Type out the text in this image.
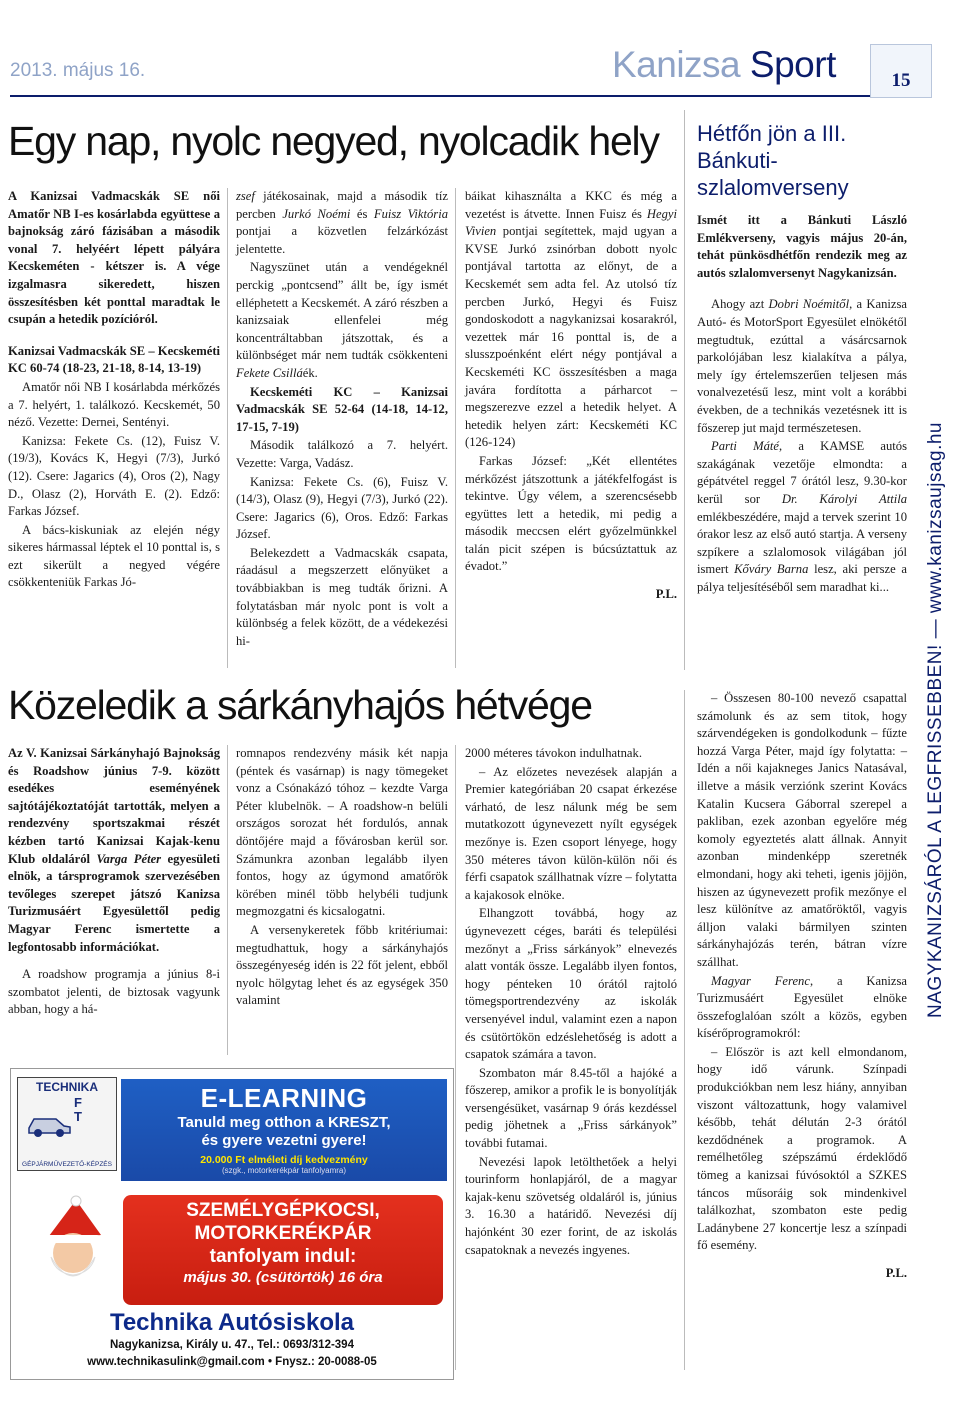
2013. május 16.	Kanizsa Sport	15
NAGYKANIZSÁRÓL A LEGFRISSEBBEN! — www.kanizsaujsag.hu
Egy nap, nyolc negyed, nyolcadik hely

A Kanizsai Vadmacskák SE női Amatőr NB I-es kosárlabda együttese a bajnokság záró fázisában a második vonal 7. helyéért lépett pályára Kecskeméten - kétszer is. A vége izgalmasra sikeredett, hiszen összesítésben két ponttal maradtak le csupán a hetedik pozícióról.

Kanizsai Vadmacskák SE – Kecskeméti KC 60-74 (18-23, 21-18, 8-14, 13-19)

Amatőr női NB I kosárlabda mérkőzés a 7. helyért, 1. találkozó. Kecskemét, 50 néző. Vezette: Dernei, Sentényi.

Kanizsa: Fekete Cs. (12), Fuisz V. (19/3), Kovács K, Hegyi (7/3), Jurkó (12). Csere: Jagarics (4), Oros (2), Nagy D., Olasz (2), Horváth E. (2). Edző: Farkas József.

A bács-kiskuniak az elején négy sikeres hármassal léptek el 10 ponttal is, s ezt sikerült a negyed végére csökkenteniük Farkas Jó-

zsef játékosainak, majd a második tíz percben Jurkó Noémi és Fuisz Viktória pontjai a közvetlen felzárkózást jelentette.

Nagyszünet után a vendégeknél perckig „pontcsend” állt be, így ismét elléphetett a Kecskemét. A záró részben a kanizsaiak ellenfelei még koncentráltabban játszottak, és a különbséget már nem tudták csökkenteni Fekete Csilláék.

Kecskeméti KC – Kanizsai Vadmacskák SE 52-64 (14-18, 14-12, 17-15, 7-19)

Második találkozó a 7. helyért. Vezette: Varga, Vadász.

Kanizsa: Fekete Cs. (6), Fuisz V. (14/3), Olasz (9), Hegyi (7/3), Jurkó (22). Csere: Jagarics (6), Oros. Edző: Farkas József.

Belekezdett a Vadmacskák csapata, ráadásul a megszerzett előnyüket a továbbiakban is meg tudták őrizni. A folytatásban már nyolc pont is volt a különbség a felek között, de a védekezési hi-

báikat kihasználta a KKC és még a vezetést is átvette. Innen Fuisz és Hegyi Vivien pontjai segítettek, majd ugyan a KVSE Jurkó zsinórban dobott nyolc pontjával tartotta az előnyt, de a Kecskemét sem adta fel. Az utolsó tíz percben Jurkó, Hegyi és Fuisz gondoskodott a nagykanizsai kosarakról, vezettek már 16 ponttal is, de a slusszpoénként elért négy pontjával a Kecskeméti KC összesítésben a maga javára fordította a párharcot – megszerezve ezzel a hetedik helyet. A hetedik helyen zárt: Kecskeméti KC (126-124)

Farkas József: „Két ellentétes mérkőzést játszottunk a játékfelfogást is tekintve. Úgy vélem, a szerencsésebb együttes lett a hetedik, mi pedig a második meccsen elért győzelmünkkel talán picit szépen is búcsúztattuk az évadot.”

P.L.

Hétfőn jön a III. Bánkuti-szlalomverseny

Ismét itt a Bánkuti László Emlékverseny, vagyis május 20-án, tehát pünkösdhétfőn rendezik meg az autós szlalomversenyt Nagykanizsán.

Ahogy azt Dobri Noémitől, a Kanizsa Autó- és MotorSport Egyesület elnökétől megtudtuk, ezúttal a vásárcsarnok parkolójában lesz kialakítva a pálya, mely így értelemszerűen teljesen más vonalvezetésű lesz, mint volt a korábbi években, de a technikás vezetésnek itt is főszerep jut majd természetesen.

Parti Máté, a KAMSE autós szakágának vezetője elmondta: a gépátvétel reggel 7 órától lesz, 9.30-kor kerül sor Dr. Károlyi Attila emlékbeszédére, majd a tervek szerint 10 órakor lesz az első autó startja. A verseny szpíkere a szlalomosok világában jól ismert Kőváry Barna lesz, aki persze a pálya teljesítéséből sem maradhat ki...

Közeledik a sárkányhajós hétvége

Az V. Kanizsai Sárkányhajó Bajnokság és Roadshow június 7-9. között esedékes eseményének sajtótájékoztatóját tartották, melyen a rendezvény sportszakmai részét kézben tartó Kanizsai Kajak-kenu Klub oldaláról Varga Péter egyesületi elnök, a társprogramok szervezésében tevőleges szerepet játszó Kanizsa Turizmusáért Egyesülettől pedig Magyar Ferenc ismertette a legfontosabb információkat.

A roadshow programja a június 8-i szombatot jelenti, de biztosak vagyunk abban, hogy a há-

romnapos rendezvény másik két napja (péntek és vasárnap) is nagy tömegeket vonz a Csónakázó tóhoz – kezdte Varga Péter klubelnök. – A roadshow-n belüli országos sorozat hét fordulós, annak döntőjére majd a fővárosban kerül sor. Számunkra azonban legalább ilyen fontos, hogy az úgymond amatőrök körében minél több helybéli tudjunk megmozgatni és kicsalogatni.

A versenykeretek főbb kritériumai: megtudhattuk, hogy a sárkányhajós összegényeség idén is 22 főt jelent, ebből nyolc hölgytag lehet és az egységek 350 valamint

2000 méteres távokon indulhatnak.

– Az előzetes nevezések alapján a Premier kategóriában 20 csapat érkezése várható, de lesz nálunk még be sem mutatkozott úgynevezett nyílt egységek mezőnye is. Ezen csoport lényege, hogy 350 méteres távon külön-külön női és férfi csapatok szállhatnak vízre – folytatta a kajakosok elnöke.

Elhangzott továbbá, hogy az úgynevezett céges, baráti és települési mezőnyt a „Friss sárkányok” elnevezés alatt vonták össze. Legalább ilyen fontos, hogy pénteken 10 órától rajtoló tömegsportrendezvény az iskolák versenyével indul, valamint ezen a napon és csütörtökön edzéslehetőség is adott a csapatok számára a tavon.

Szombaton már 8.45-től a hajóké a főszerep, amikor a profik le is bonyolítják versengésüket, vasárnap 9 órás kezdéssel pedig jöhetnek a „Friss sárkányok” további futamai.

Nevezési lapok letölthetőek a helyi tourinform honlapjáról, de a magyar kajak-kenu szövetség oldaláról is, június 3. 16.30 a határidő. Nevezési díj hajónként 30 ezer forint, de az iskolás csapatoknak a nevezés ingyenes.

– Összesen 80-100 nevező csapattal számolunk és az sem titok, hogy szárvendégeken is gondolkodunk – fűzte hozzá Varga Péter, majd így folytatta: – Idén a női kajakneges Janics Natasával, illetve a másik verziónk szerint Kovács Katalin Kucsera Gáborral szerepel a pakliban, ezek azonban egyelőre még komoly egyeztetés alatt állnak. Annyit azonban mindenképp szeretnék elmondani, hogy aki teheti, igenis jöjjön, hiszen az úgynevezett profik mezőnye el lesz különítve az amatőröktől, vagyis álljon valaki bármilyen szinten sárkányhajózás terén, bátran vízre szállhat.

Magyar Ferenc, a Kanizsa Turizmusáért Egyesület elnöke összefoglalóan szólt a közös, egyben kísérőprogramokról:

– Először is azt kell elmondanom, hogy idő várunk. Színpadi produkciókban nem lesz hiány, annyiban viszont változattunk, hogy valamivel később, tehát délután 2-3 órától kezdődnének a programok. A remélhetőleg szépszámú érdeklődő tömeg a kanizsai fúvósoktól a SZKES táncos műsoráig sok mindenkivel találkozhat, szombaton este pedig Ladánybene 27 koncertje lesz a színpadi fő esemény.

P.L.

TECHNIKA
F
T
GÉPJÁRMŰVEZETŐ-KÉPZÉS
E-LEARNING
Tanuld meg otthon a KRESZT,
és gyere vezetni gyere!
20.000 Ft elméleti díj kedvezmény
(szgk., motorkerékpár tanfolyamra)
SZEMÉLYGÉPKOCSI,
MOTORKERÉKPÁR
tanfolyam indul:
május 30. (csütörtök) 16 óra
Technika Autósiskola
Nagykanizsa, Király u. 47., Tel.: 0693/312-394
www.technikasulink@gmail.com • Fnysz.: 20-0088-05
